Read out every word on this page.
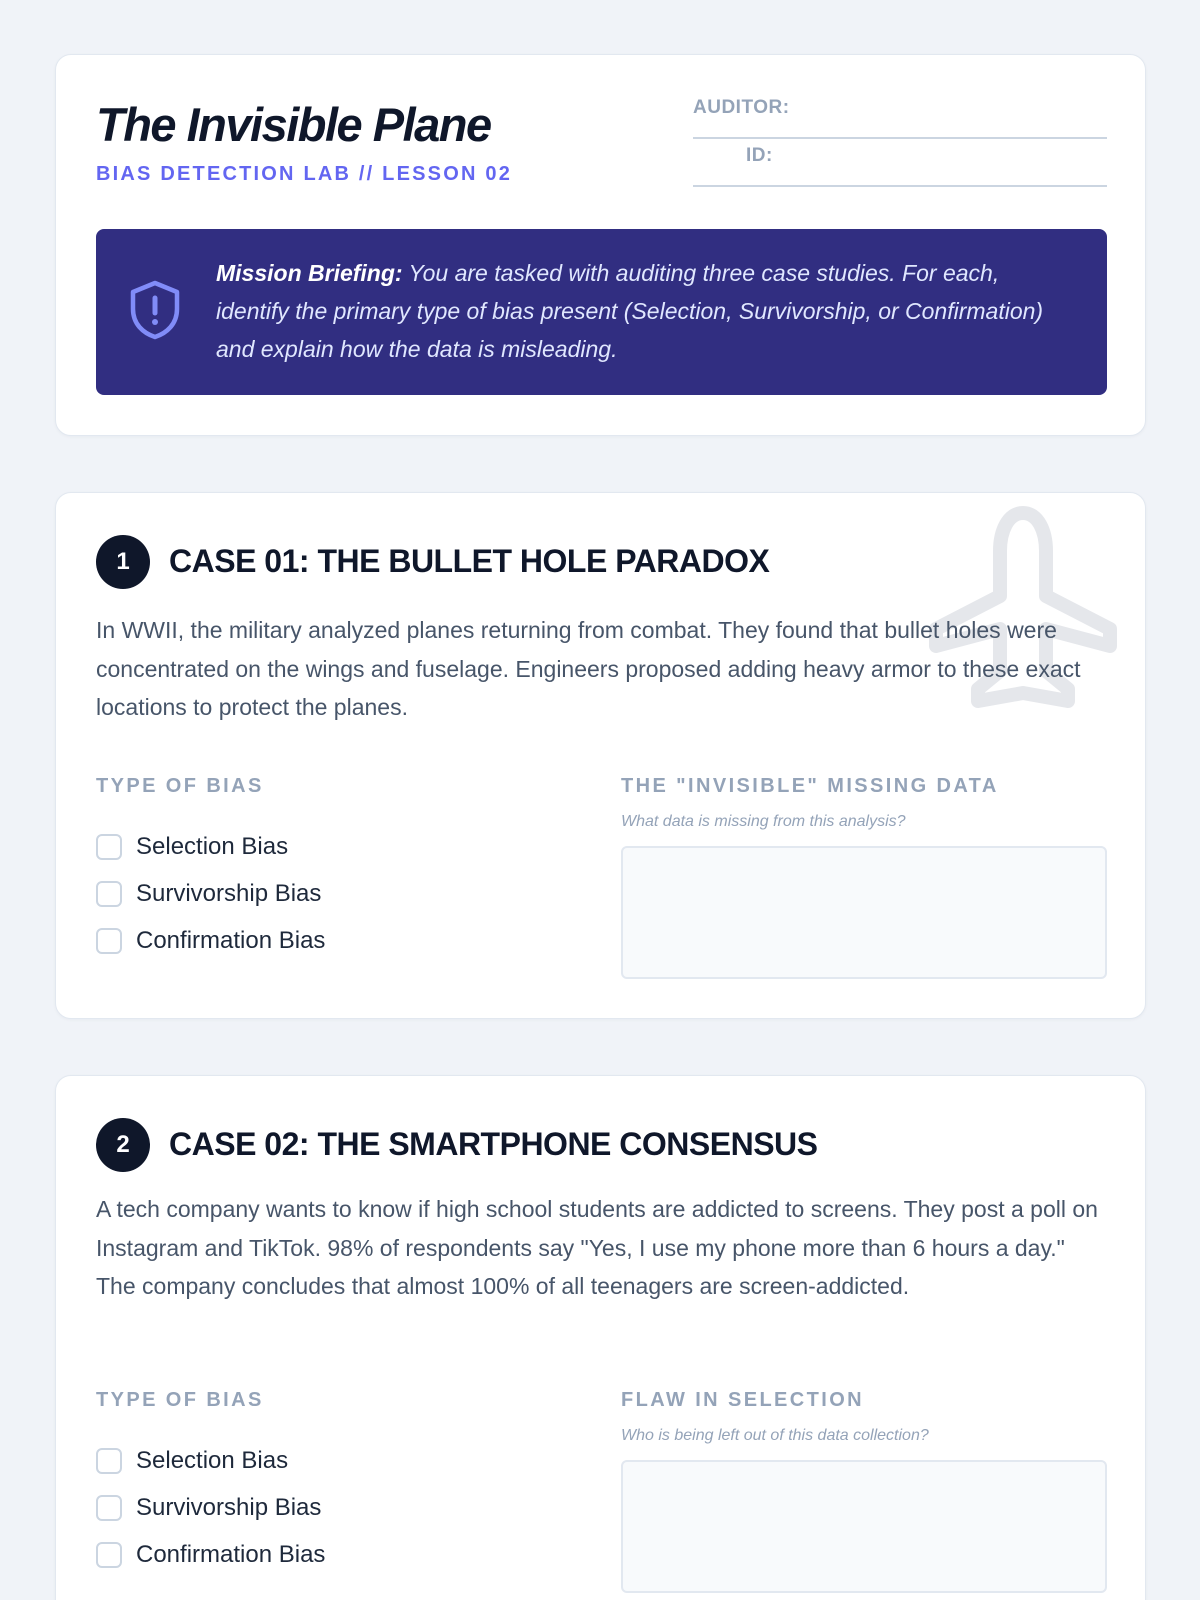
The Invisible Plane
BIAS DETECTION LAB // LESSON 02
AUDITOR:
ID:

Mission Briefing: You are tasked with auditing three case studies. For each, identify the primary type of bias present (Selection, Survivorship, or Confirmation) and explain how the data is misleading.

1	CASE 01: THE BULLET HOLE PARADOX

In WWII, the military analyzed planes returning from combat. They found that bullet holes were concentrated on the wings and fuselage. Engineers proposed adding heavy armor to these exact locations to protect the planes.

TYPE OF BIAS
Selection Bias
Survivorship Bias
Confirmation Bias
THE "INVISIBLE" MISSING DATA
What data is missing from this analysis?
2	CASE 02: THE SMARTPHONE CONSENSUS

A tech company wants to know if high school students are addicted to screens. They post a poll on Instagram and TikTok. 98% of respondents say "Yes, I use my phone more than 6 hours a day." The company concludes that almost 100% of all teenagers are screen-addicted.

TYPE OF BIAS
Selection Bias
Survivorship Bias
Confirmation Bias
FLAW IN SELECTION
Who is being left out of this data collection?
